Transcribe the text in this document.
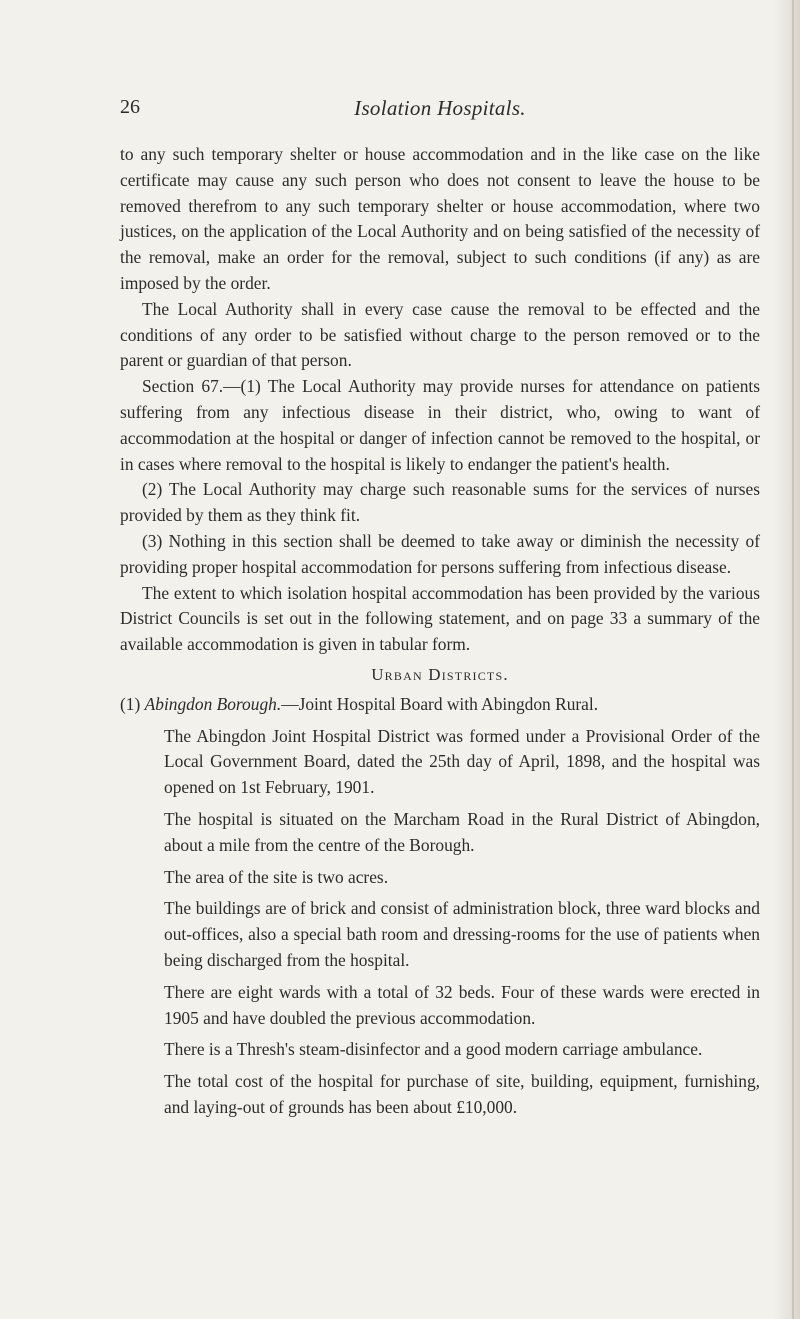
26	Isolation Hospitals.

to any such temporary shelter or house accommodation and in the like case on the like certificate may cause any such person who does not consent to leave the house to be removed therefrom to any such temporary shelter or house accommodation, where two justices, on the application of the Local Authority and on being satisfied of the necessity of the removal, make an order for the removal, subject to such conditions (if any) as are imposed by the order.

The Local Authority shall in every case cause the removal to be effected and the conditions of any order to be satisfied without charge to the person removed or to the parent or guardian of that person.

Section 67.—(1) The Local Authority may provide nurses for attendance on patients suffering from any infectious disease in their district, who, owing to want of accommodation at the hospital or danger of infection cannot be removed to the hospital, or in cases where removal to the hospital is likely to endanger the patient's health.

(2) The Local Authority may charge such reasonable sums for the services of nurses provided by them as they think fit.

(3) Nothing in this section shall be deemed to take away or diminish the necessity of providing proper hospital accommodation for persons suffering from infectious disease.

The extent to which isolation hospital accommodation has been provided by the various District Councils is set out in the following statement, and on page 33 a summary of the available accommodation is given in tabular form.

Urban Districts.

(1) Abingdon Borough.—Joint Hospital Board with Abingdon Rural.

The Abingdon Joint Hospital District was formed under a Provisional Order of the Local Government Board, dated the 25th day of April, 1898, and the hospital was opened on 1st February, 1901.

The hospital is situated on the Marcham Road in the Rural District of Abingdon, about a mile from the centre of the Borough.

The area of the site is two acres.

The buildings are of brick and consist of administration block, three ward blocks and out-offices, also a special bath room and dressing-rooms for the use of patients when being discharged from the hospital.

There are eight wards with a total of 32 beds. Four of these wards were erected in 1905 and have doubled the previous accommodation.

There is a Thresh's steam-disinfector and a good modern carriage ambulance.

The total cost of the hospital for purchase of site, building, equipment, furnishing, and laying-out of grounds has been about £10,000.
